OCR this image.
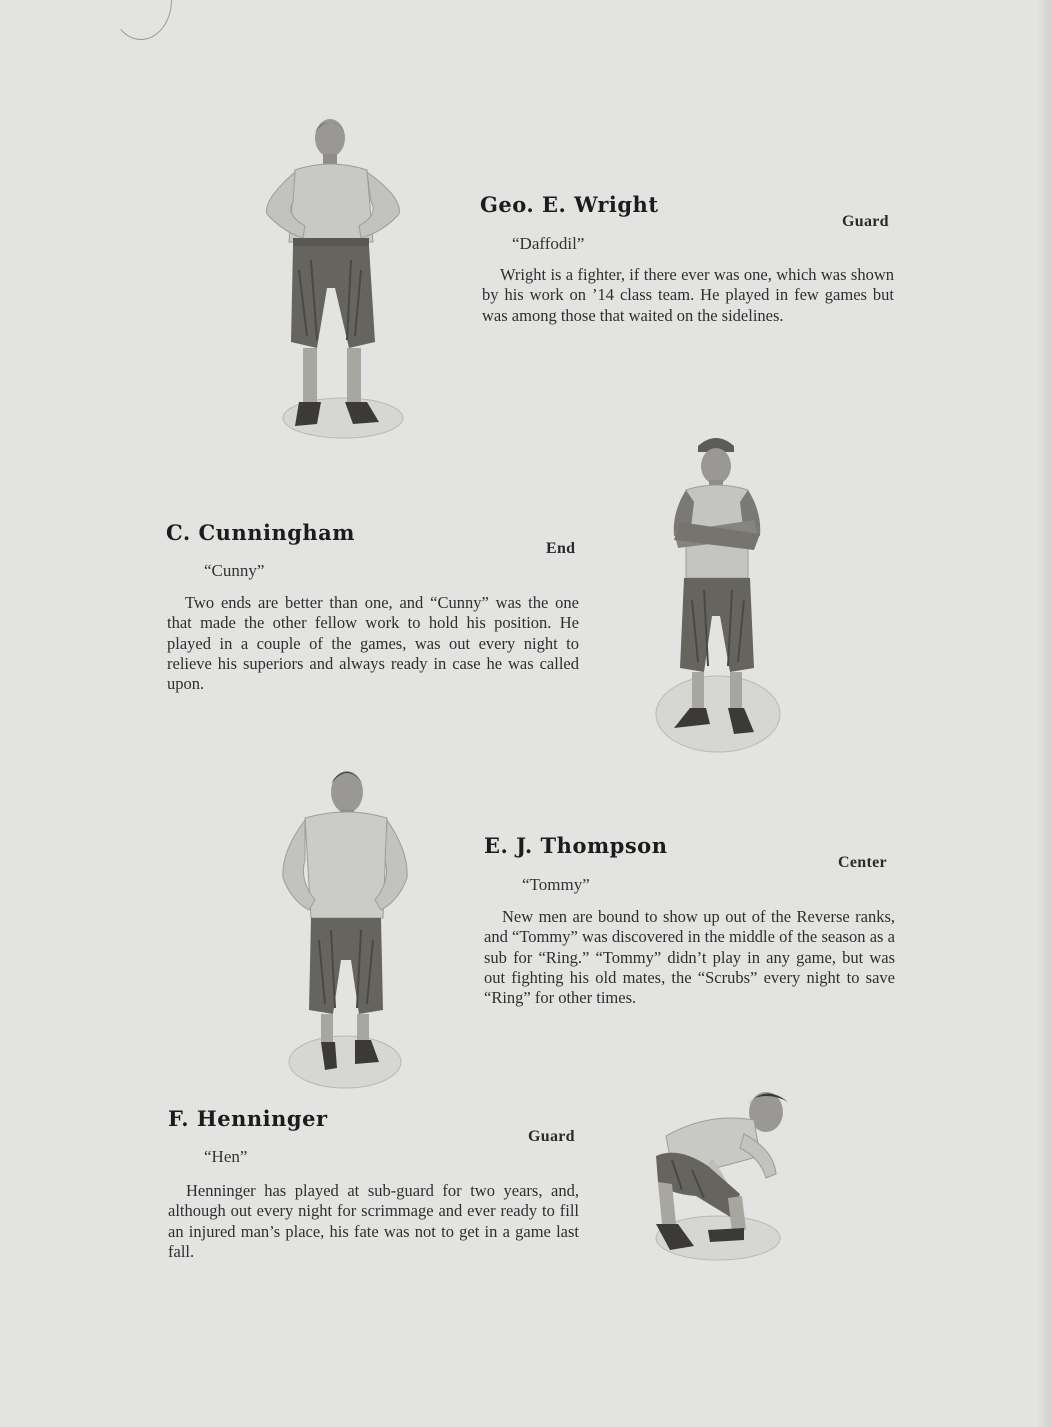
Geo. E. Wright
Guard
“Daffodil”

Wright is a fighter, if there ever was one, which was shown by his work on ’14 class team. He played in few games but was among those that waited on the sidelines.

C. Cunningham
End
“Cunny”

Two ends are better than one, and “Cunny” was the one that made the other fellow work to hold his position. He played in a couple of the games, was out every night to relieve his superiors and always ready in case he was called upon.

E. J. Thompson
Center
“Tommy”

New men are bound to show up out of the Reverse ranks, and “Tommy” was discovered in the middle of the season as a sub for “Ring.” “Tommy” didn’t play in any game, but was out fighting his old mates, the “Scrubs” every night to save “Ring” for other times.

F. Henninger
Guard
“Hen”

Henninger has played at sub-guard for two years, and, although out every night for scrimmage and ever ready to fill an injured man’s place, his fate was not to get in a game last fall.
